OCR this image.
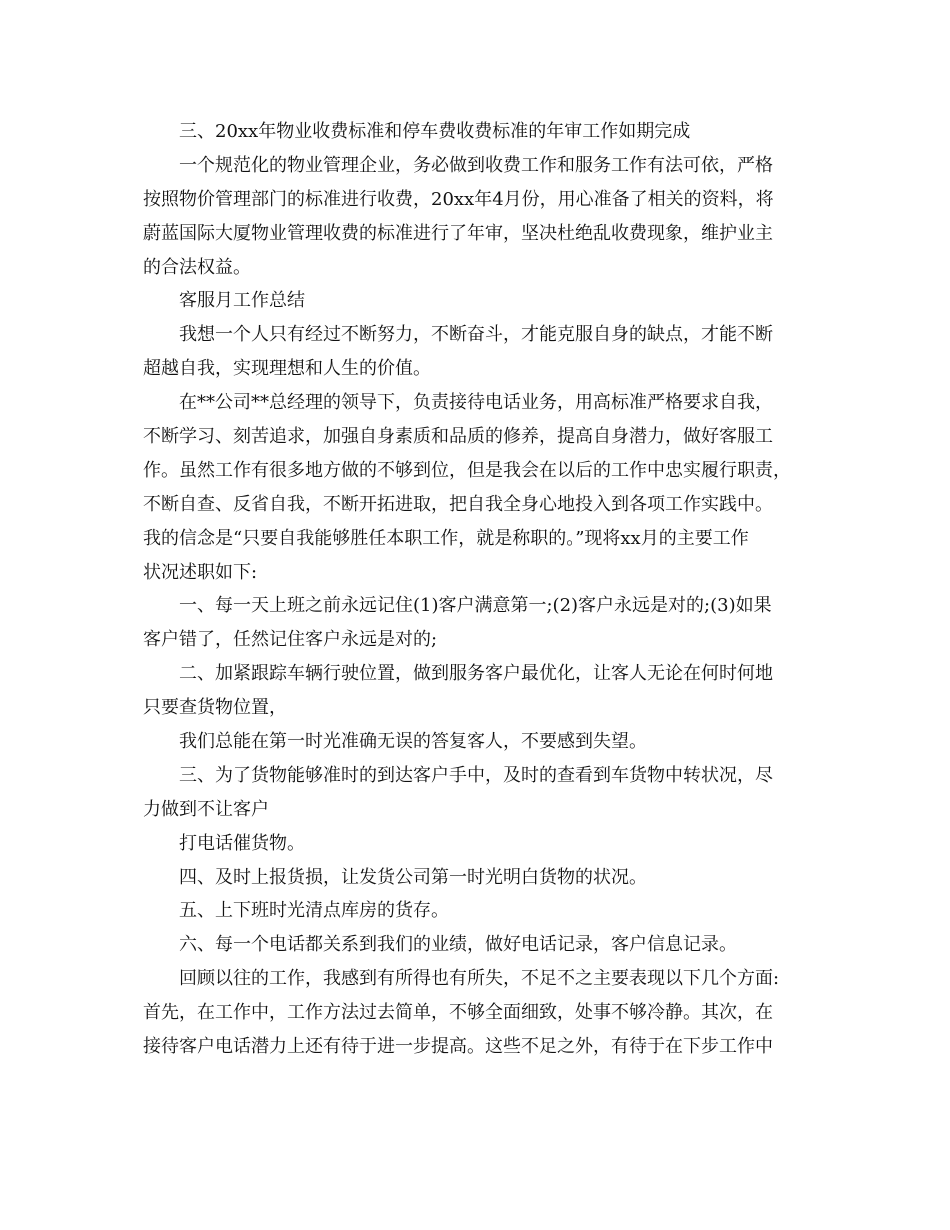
三、20xx年物业收费标准和停车费收费标准的年审工作如期完成
一个规范化的物业管理企业，务必做到收费工作和服务工作有法可依，严格
按照物价管理部门的标准进行收费，20xx年4月份，用心准备了相关的资料，将
蔚蓝国际大厦物业管理收费的标准进行了年审，坚决杜绝乱收费现象，维护业主
的合法权益。
客服月工作总结
我想一个人只有经过不断努力，不断奋斗，才能克服自身的缺点，才能不断
超越自我，实现理想和人生的价值。
在**公司**总经理的领导下，负责接待电话业务，用高标准严格要求自我，
不断学习、刻苦追求，加强自身素质和品质的修养，提高自身潜力，做好客服工
作。虽然工作有很多地方做的不够到位，但是我会在以后的工作中忠实履行职责，
不断自查、反省自我，不断开拓进取，把自我全身心地投入到各项工作实践中。
我的信念是“只要自我能够胜任本职工作，就是称职的。”现将xx月的主要工作
状况述职如下:
一、每一天上班之前永远记住(1)客户满意第一;(2)客户永远是对的;(3)如果
客户错了，任然记住客户永远是对的;
二、加紧跟踪车辆行驶位置，做到服务客户最优化，让客人无论在何时何地
只要查货物位置，
我们总能在第一时光准确无误的答复客人，不要感到失望。
三、为了货物能够准时的到达客户手中，及时的查看到车货物中转状况，尽
力做到不让客户
打电话催货物。
四、及时上报货损，让发货公司第一时光明白货物的状况。
五、上下班时光清点库房的货存。
六、每一个电话都关系到我们的业绩，做好电话记录，客户信息记录。
回顾以往的工作，我感到有所得也有所失，不足不之主要表现以下几个方面:
首先，在工作中，工作方法过去简单，不够全面细致，处事不够冷静。其次，在
接待客户电话潜力上还有待于进一步提高。这些不足之外，有待于在下步工作中
